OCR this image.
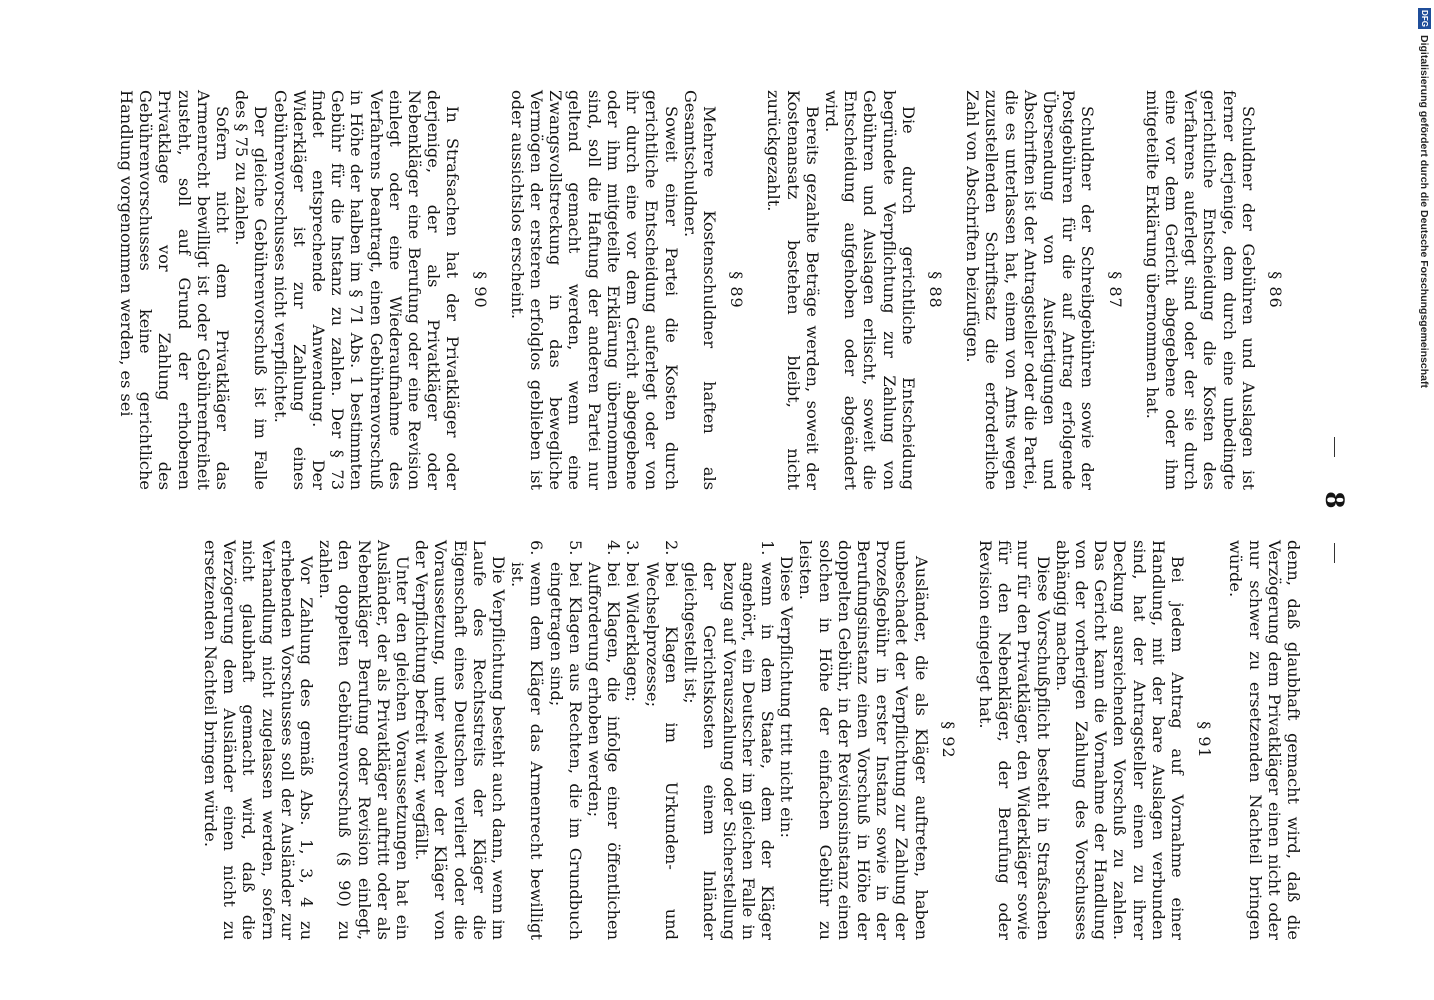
DFG
Digitalisierung gefördert durch die Deutsche Forschungsgemeinschaft
8

§ 86

Schuldner der Gebühren und Auslagen ist ferner derjenige, dem durch eine unbedingte gerichtliche Entscheidung die Kosten des Verfahrens auferlegt sind oder der sie durch eine vor dem Gericht abgegebene oder ihm mitgeteilte Erklärung übernommen hat.

§ 87

Schuldner der Schreibgebühren sowie der Postgebühren für die auf Antrag erfolgende Übersendung von Ausfertigungen und Abschriften ist der Antragsteller oder die Partei, die es unterlassen hat, einem von Amts wegen zuzustellenden Schriftsatz die erforderliche Zahl von Abschriften beizufügen.

§ 88

Die durch gerichtliche Entscheidung begründete Verpflichtung zur Zahlung von Gebühren und Auslagen erlischt, soweit die Entscheidung aufgehoben oder abgeändert wird.

Bereits gezahlte Beträge werden, soweit der Kostenansatz bestehen bleibt, nicht zurückgezahlt.

§ 89

Mehrere Kostenschuldner haften als Gesamtschuldner.

Soweit einer Partei die Kosten durch gerichtliche Entscheidung auferlegt oder von ihr durch eine vor dem Gericht abgegebene oder ihm mitgeteilte Erklärung übernommen sind, soll die Haftung der anderen Partei nur geltend gemacht werden, wenn eine Zwangsvollstreckung in das bewegliche Vermögen der ersteren erfolglos geblieben ist oder aussichtslos erscheint.

§ 90

In Strafsachen hat der Privatkläger oder derjenige, der als Privatkläger oder Nebenkläger eine Berufung oder eine Revision einlegt oder eine Wiederaufnahme des Verfahrens beantragt, einen Gebührenvorschuß in Höhe der halben im § 71 Abs. 1 bestimmten Gebühr für die Instanz zu zahlen. Der § 73 findet entsprechende Anwendung. Der Widerkläger ist zur Zahlung eines Gebührenvorschusses nicht verpflichtet.

Der gleiche Gebührenvorschuß ist im Falle des § 75 zu zahlen.

Sofern nicht dem Privatkläger das Armenrecht bewilligt ist oder Gebührenfreiheit zusteht, soll auf Grund der erhobenen Privatklage vor Zahlung des Gebührenvorschusses keine gerichtliche Handlung vorgenommen werden, es sei

denn, daß glaubhaft gemacht wird, daß die Verzögerung dem Privatkläger einen nicht oder nur schwer zu ersetzenden Nachteil bringen würde.

§ 91

Bei jedem Antrag auf Vornahme einer Handlung, mit der bare Auslagen verbunden sind, hat der Antragsteller einen zu ihrer Deckung ausreichenden Vorschuß zu zahlen. Das Gericht kann die Vornahme der Handlung von der vorherigen Zahlung des Vorschusses abhängig machen.

Diese Vorschußpflicht besteht in Strafsachen nur für den Privatkläger, den Widerkläger sowie für den Nebenkläger, der Berufung oder Revision eingelegt hat.

§ 92

Ausländer, die als Kläger auftreten, haben unbeschadet der Verpflichtung zur Zahlung der Prozeßgebühr in erster Instanz sowie in der Berufungsinstanz einen Vorschuß in Höhe der doppelten Gebühr, in der Revisionsinstanz einen solchen in Höhe der einfachen Gebühr zu leisten.

Diese Verpflichtung tritt nicht ein:

1.
wenn in dem Staate, dem der Kläger angehört, ein Deutscher im gleichen Falle in bezug auf Vorauszahlung oder Sicherstellung der Gerichtskosten einem Inländer gleichgestellt ist;
2.
bei Klagen im Urkunden- und Wechselprozesse;
3.
bei Widerklagen;
4.
bei Klagen, die infolge einer öffentlichen Aufforderung erhoben werden;
5.
bei Klagen aus Rechten, die im Grundbuch eingetragen sind;
6.
wenn dem Kläger das Armenrecht bewilligt ist.

Die Verpflichtung besteht auch dann, wenn im Laufe des Rechtsstreits der Kläger die Eigenschaft eines Deutschen verliert oder die Voraussetzung, unter welcher der Kläger von der Verpflichtung befreit war, wegfällt.

Unter den gleichen Voraussetzungen hat ein Ausländer, der als Privatkläger auftritt oder als Nebenkläger Berufung oder Revision einlegt, den doppelten Gebührenvorschuß (§ 90) zu zahlen.

Vor Zahlung des gemäß Abs. 1, 3, 4 zu erhebenden Vorschusses soll der Ausländer zur Verhandlung nicht zugelassen werden, sofern nicht glaubhaft gemacht wird, daß die Verzögerung dem Ausländer einen nicht zu ersetzenden Nachteil bringen würde.
